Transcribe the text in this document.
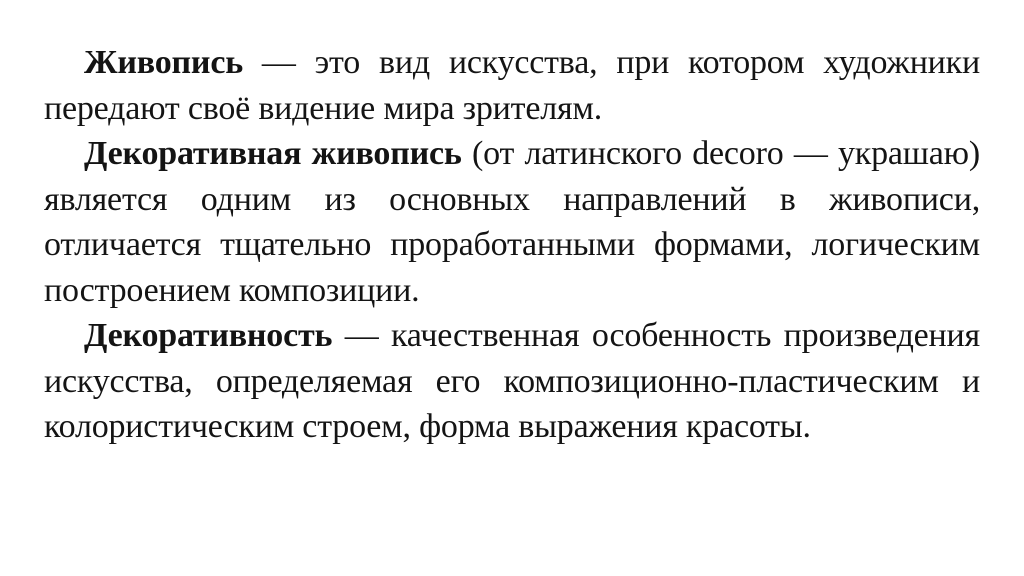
Живопись — это вид искусства, при котором художники передают своё видение мира зрителям.

Декоративная живопись (от латинского decoro — украшаю) является одним из основных направлений в живописи, отличается тщательно проработанными формами, логическим построением композиции.

Декоративность — качественная особенность произведения искусства, определяемая его композиционно-пластическим и колористическим строем, форма выражения красоты.
